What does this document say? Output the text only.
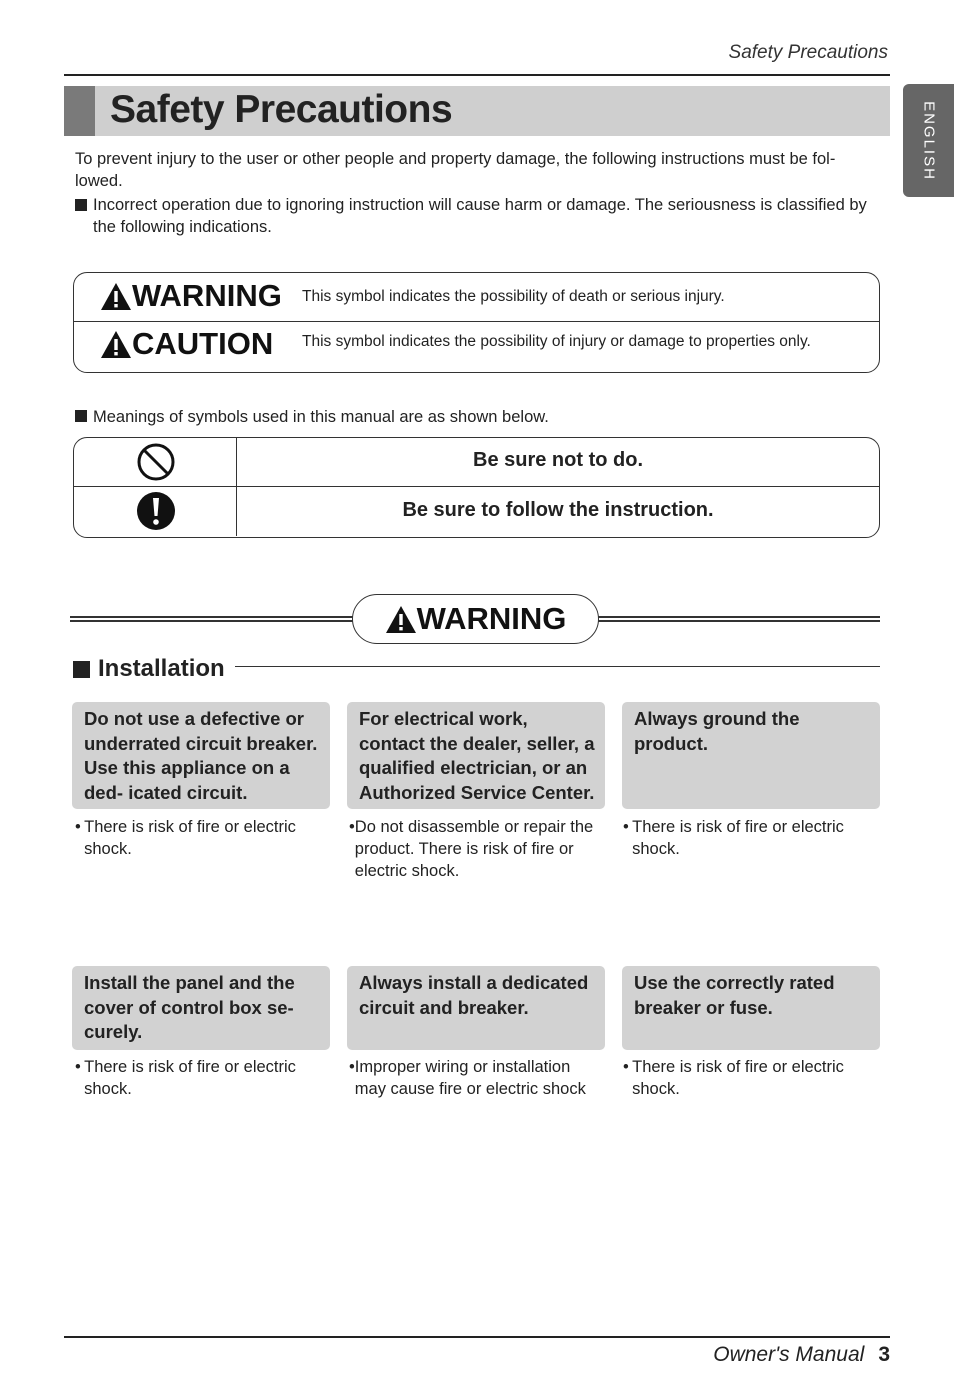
Safety Precautions
ENGLISH
Safety Precautions
To prevent injury to the user or other people and property damage, the following instructions must be fol- lowed.
Incorrect operation due to ignoring instruction will cause harm or damage. The seriousness is classified by the following indications.
WARNING This symbol indicates the possibility of death or serious injury.
CAUTION This symbol indicates the possibility of injury or damage to properties only.
Meanings of symbols used in this manual are as shown below.
Be sure not to do.
Be sure to follow the instruction.
WARNING
Installation
Do not use a defective or underrated circuit breaker. Use this appliance on a ded- icated circuit.
For electrical work, contact the dealer, seller, a qualified electrician, or an Authorized Service Center.
Always ground the product.
• There is risk of fire or electric shock.
• Do not disassemble or repair the product. There is risk of fire or electric shock.
• There is risk of fire or electric shock.
Install the panel and the cover of control box se- curely.
Always install a dedicated circuit and breaker.
Use the correctly rated breaker or fuse.
• There is risk of fire or electric shock.
• Improper wiring or installation may cause fire or electric shock
• There is risk of fire or electric shock.
Owner's Manual 3
